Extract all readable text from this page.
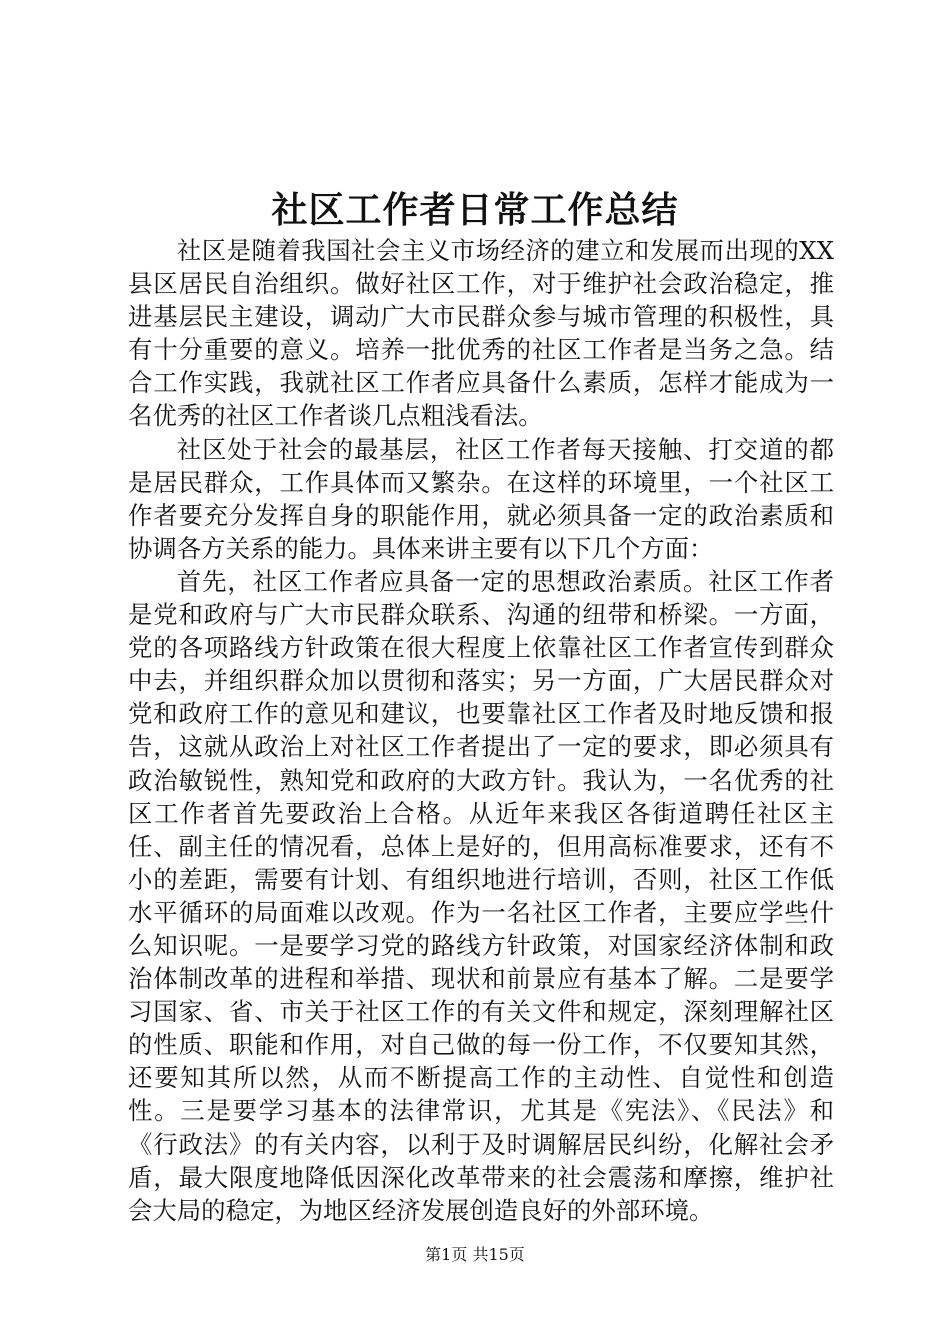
社区工作者日常工作总结

社区是随着我国社会主义市场经济的建立和发展而出现的XX县区居民自治组织。做好社区工作，对于维护社会政治稳定，推进基层民主建设，调动广大市民群众参与城市管理的积极性，具有十分重要的意义。培养一批优秀的社区工作者是当务之急。结合工作实践，我就社区工作者应具备什么素质，怎样才能成为一名优秀的社区工作者谈几点粗浅看法。

社区处于社会的最基层，社区工作者每天接触、打交道的都是居民群众，工作具体而又繁杂。在这样的环境里，一个社区工作者要充分发挥自身的职能作用，就必须具备一定的政治素质和协调各方关系的能力。具体来讲主要有以下几个方面：

首先，社区工作者应具备一定的思想政治素质。社区工作者是党和政府与广大市民群众联系、沟通的纽带和桥梁。一方面，党的各项路线方针政策在很大程度上依靠社区工作者宣传到群众中去，并组织群众加以贯彻和落实；另一方面，广大居民群众对党和政府工作的意见和建议，也要靠社区工作者及时地反馈和报告，这就从政治上对社区工作者提出了一定的要求，即必须具有政治敏锐性，熟知党和政府的大政方针。我认为，一名优秀的社区工作者首先要政治上合格。从近年来我区各街道聘任社区主任、副主任的情况看，总体上是好的，但用高标准要求，还有不小的差距，需要有计划、有组织地进行培训，否则，社区工作低水平循环的局面难以改观。作为一名社区工作者，主要应学些什么知识呢。一是要学习党的路线方针政策，对国家经济体制和政治体制改革的进程和举措、现状和前景应有基本了解。二是要学习国家、省、市关于社区工作的有关文件和规定，深刻理解社区的性质、职能和作用，对自己做的每一份工作，不仅要知其然，还要知其所以然，从而不断提高工作的主动性、自觉性和创造性。三是要学习基本的法律常识，尤其是《宪法》、《民法》和《行政法》的有关内容，以利于及时调解居民纠纷，化解社会矛盾，最大限度地降低因深化改革带来的社会震荡和摩擦，维护社会大局的稳定，为地区经济发展创造良好的外部环境。

第1页 共15页
